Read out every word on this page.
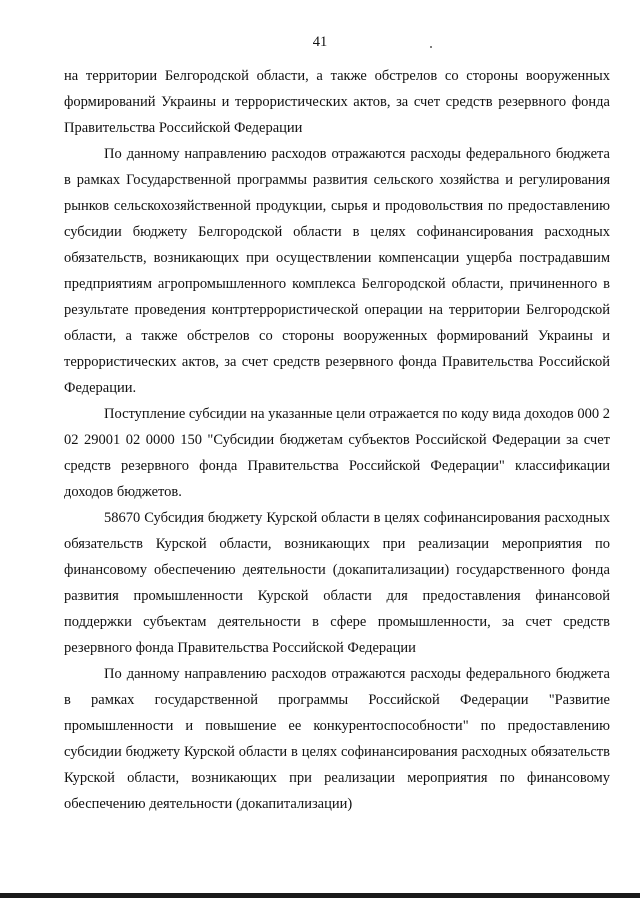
41

на территории Белгородской области, а также обстрелов со стороны вооруженных формирований Украины и террористических актов, за счет средств резервного фонда Правительства Российской Федерации

По данному направлению расходов отражаются расходы федерального бюджета в рамках Государственной программы развития сельского хозяйства и регулирования рынков сельскохозяйственной продукции, сырья и продовольствия по предоставлению субсидии бюджету Белгородской области в целях софинансирования расходных обязательств, возникающих при осуществлении компенсации ущерба пострадавшим предприятиям агропромышленного комплекса Белгородской области, причиненного в результате проведения контртеррористической операции на территории Белгородской области, а также обстрелов со стороны вооруженных формирований Украины и террористических актов, за счет средств резервного фонда Правительства Российской Федерации.

Поступление субсидии на указанные цели отражается по коду вида доходов 000 2 02 29001 02 0000 150 "Субсидии бюджетам субъектов Российской Федерации за счет средств резервного фонда Правительства Российской Федерации" классификации доходов бюджетов.

58670 Субсидия бюджету Курской области в целях софинансирования расходных обязательств Курской области, возникающих при реализации мероприятия по финансовому обеспечению деятельности (докапитализации) государственного фонда развития промышленности Курской области для предоставления финансовой поддержки субъектам деятельности в сфере промышленности, за счет средств резервного фонда Правительства Российской Федерации

По данному направлению расходов отражаются расходы федерального бюджета в рамках государственной программы Российской Федерации "Развитие промышленности и повышение ее конкурентоспособности" по предоставлению субсидии бюджету Курской области в целях софинансирования расходных обязательств Курской области, возникающих при реализации мероприятия по финансовому обеспечению деятельности (докапитализации)
